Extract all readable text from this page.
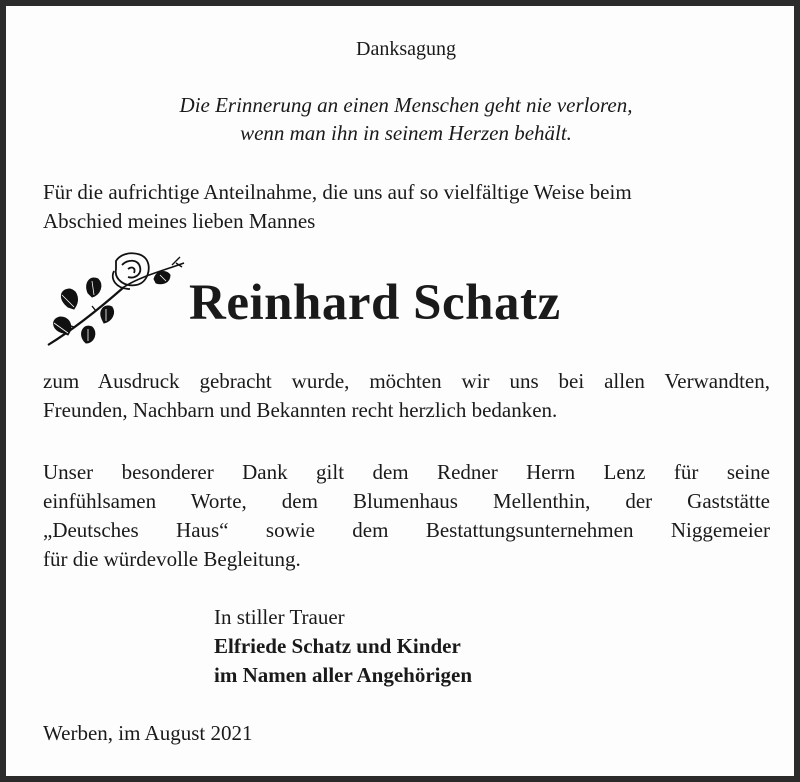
Danksagung

Die Erinnerung an einen Menschen geht nie verloren,

wenn man ihn in seinem Herzen behält.

Für die aufrichtige Anteilnahme, die uns auf so vielfältige Weise beim

Abschied meines lieben Mannes

Reinhard Schatz

zum Ausdruck gebracht wurde, möchten wir uns bei allen Verwandten,

Freunden, Nachbarn und Bekannten recht herzlich bedanken.

Unser besonderer Dank gilt dem Redner Herrn Lenz für seine

einfühlsamen Worte, dem Blumenhaus Mellenthin, der Gaststätte

„Deutsches Haus“ sowie dem Bestattungsunternehmen Niggemeier

für die würdevolle Begleitung.

In stiller Trauer

Elfriede Schatz und Kinder

im Namen aller Angehörigen

Werben, im August 2021
